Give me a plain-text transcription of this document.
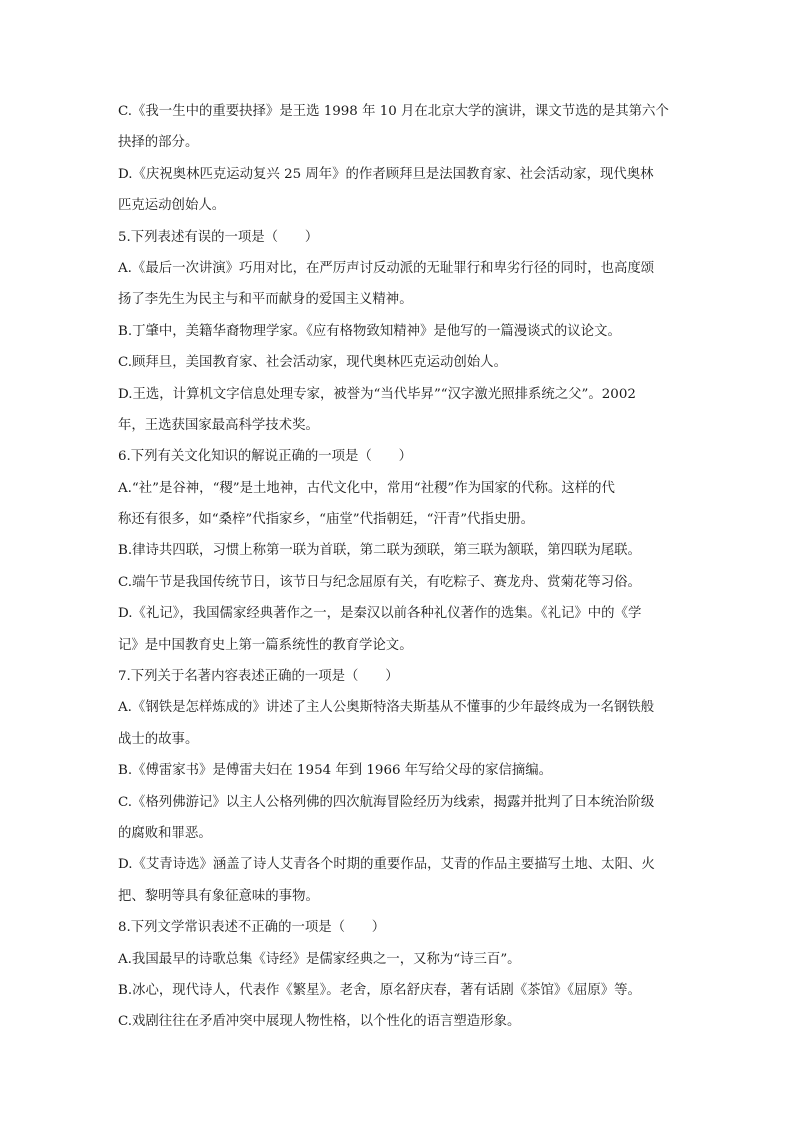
C.《我一生中的重要抉择》是王选 1998 年 10 月在北京大学的演讲，课文节选的是其第六个
抉择的部分。
D.《庆祝奥林匹克运动复兴 25 周年》的作者顾拜旦是法国教育家、社会活动家，现代奥林
匹克运动创始人。
5.下列表述有误的一项是（　　）
A.《最后一次讲演》巧用对比，在严厉声讨反动派的无耻罪行和卑劣行径的同时，也高度颂
扬了李先生为民主与和平而献身的爱国主义精神。
B.丁肇中，美籍华裔物理学家。《应有格物致知精神》是他写的一篇漫谈式的议论文。
C.顾拜旦，美国教育家、社会活动家，现代奥林匹克运动创始人。
D.王选，计算机文字信息处理专家，被誉为“当代毕昇”“汉字激光照排系统之父”。2002
年，王选获国家最高科学技术奖。
6.下列有关文化知识的解说正确的一项是（　　）
A.“社”是谷神，“稷”是土地神，古代文化中，常用“社稷”作为国家的代称。这样的代
称还有很多，如“桑梓”代指家乡，“庙堂”代指朝廷，“汗青”代指史册。
B.律诗共四联，习惯上称第一联为首联，第二联为颈联，第三联为颔联，第四联为尾联。
C.端午节是我国传统节日，该节日与纪念屈原有关，有吃粽子、赛龙舟、赏菊花等习俗。
D.《礼记》，我国儒家经典著作之一，是秦汉以前各种礼仪著作的选集。《礼记》中的《学
记》是中国教育史上第一篇系统性的教育学论文。
7.下列关于名著内容表述正确的一项是（　　）
A.《钢铁是怎样炼成的》讲述了主人公奥斯特洛夫斯基从不懂事的少年最终成为一名钢铁般
战士的故事。
B.《傅雷家书》是傅雷夫妇在 1954 年到 1966 年写给父母的家信摘编。
C.《格列佛游记》以主人公格列佛的四次航海冒险经历为线索，揭露并批判了日本统治阶级
的腐败和罪恶。
D.《艾青诗选》涵盖了诗人艾青各个时期的重要作品，艾青的作品主要描写土地、太阳、火
把、黎明等具有象征意味的事物。
8.下列文学常识表述不正确的一项是（　　）
A.我国最早的诗歌总集《诗经》是儒家经典之一，又称为“诗三百”。
B.冰心，现代诗人，代表作《繁星》。老舍，原名舒庆春，著有话剧《茶馆》《屈原》等。
C.戏剧往往在矛盾冲突中展现人物性格，以个性化的语言塑造形象。
